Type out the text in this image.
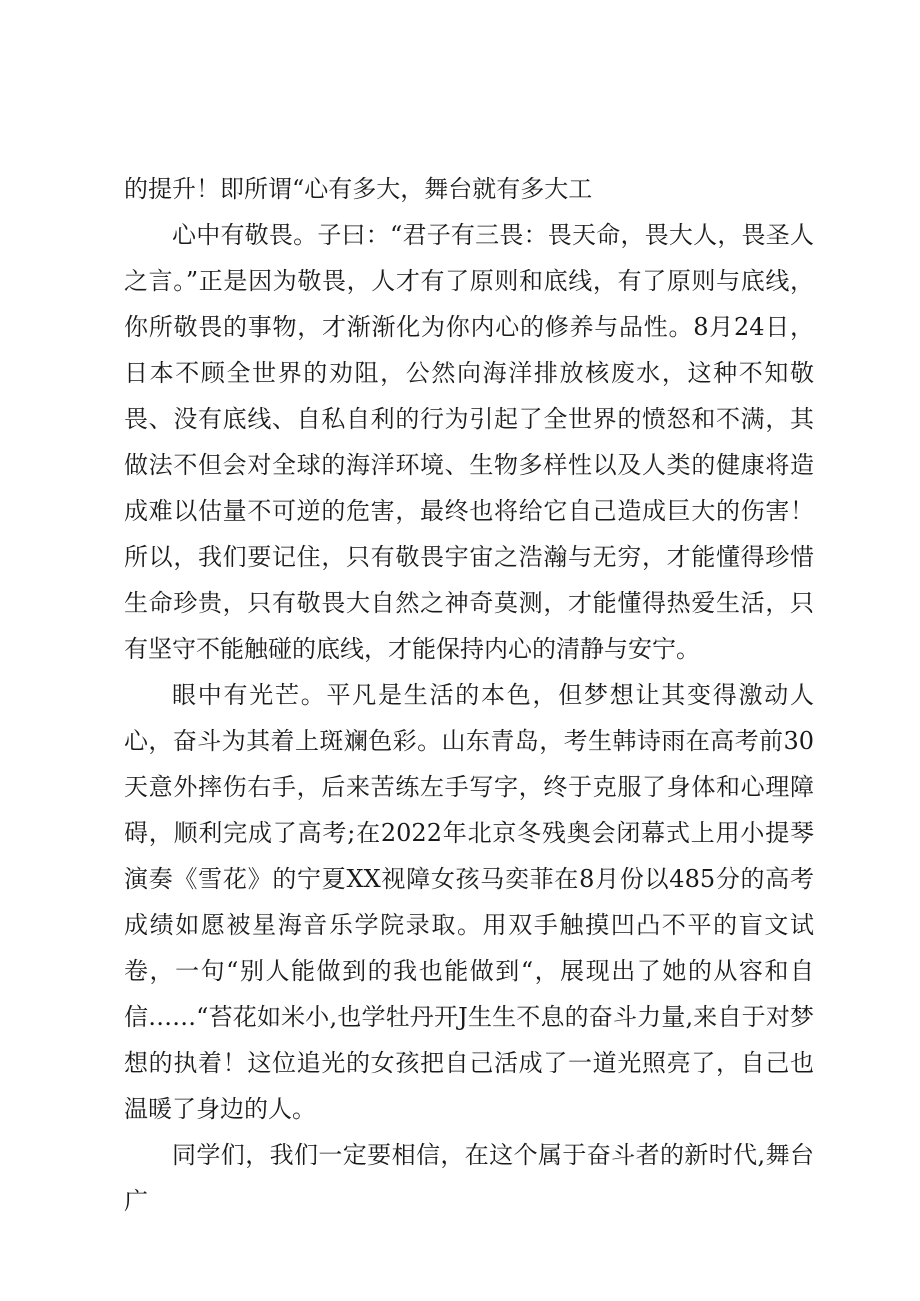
的提升！即所谓“心有多大，舞台就有多大工

心中有敬畏。子曰：“君子有三畏：畏天命，畏大人，畏圣人之言。”正是因为敬畏，人才有了原则和底线，有了原则与底线，你所敬畏的事物，才渐渐化为你内心的修养与品性。8月24日，日本不顾全世界的劝阻，公然向海洋排放核废水，这种不知敬畏、没有底线、自私自利的行为引起了全世界的愤怒和不满，其做法不但会对全球的海洋环境、生物多样性以及人类的健康将造成难以估量不可逆的危害，最终也将给它自己造成巨大的伤害！所以，我们要记住，只有敬畏宇宙之浩瀚与无穷，才能懂得珍惜生命珍贵，只有敬畏大自然之神奇莫测，才能懂得热爱生活，只有坚守不能触碰的底线，才能保持内心的清静与安宁。

眼中有光芒。平凡是生活的本色，但梦想让其变得激动人心，奋斗为其着上斑斓色彩。山东青岛，考生韩诗雨在高考前30天意外摔伤右手，后来苦练左手写字，终于克服了身体和心理障碍，顺利完成了高考;在2022年北京冬残奥会闭幕式上用小提琴演奏《雪花》的宁夏XX视障女孩马奕菲在8月份以485分的高考成绩如愿被星海音乐学院录取。用双手触摸凹凸不平的盲文试卷，一句“别人能做到的我也能做到“，展现出了她的从容和自信……“苔花如米小,也学牡丹开J生生不息的奋斗力量,来自于对梦想的执着！这位追光的女孩把自己活成了一道光照亮了，自己也温暖了身边的人。

同学们，我们一定要相信，在这个属于奋斗者的新时代,舞台广
